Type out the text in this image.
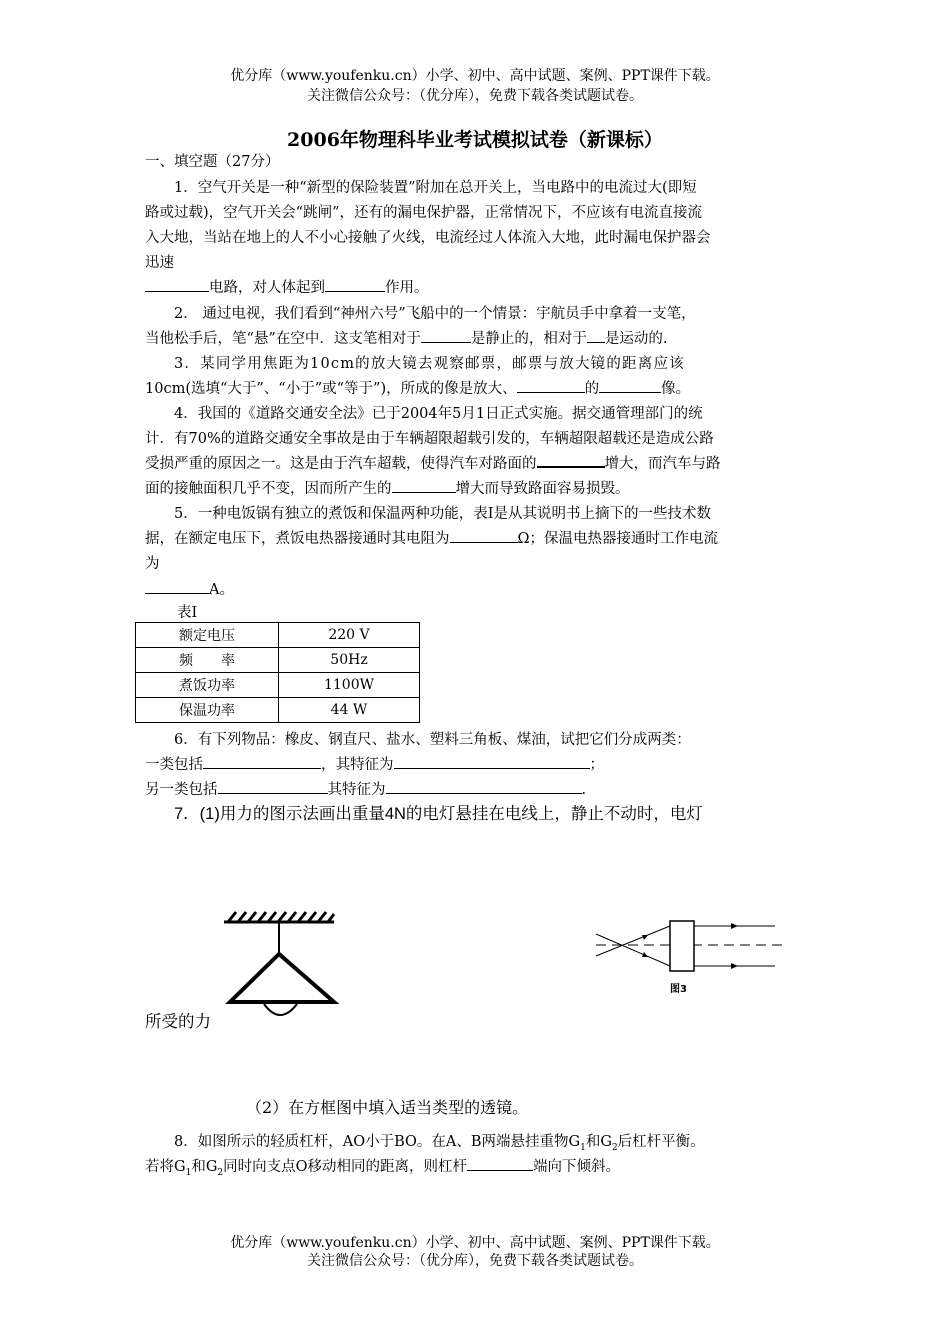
优分库（www.youfenku.cn）小学、初中、高中试题、案例、PPT课件下载。
关注微信公众号：（优分库），免费下载各类试题试卷。
2006年物理科毕业考试模拟试卷（新课标）
一、填空题（27分）
1．空气开关是一种“新型的保险装置”附加在总开关上，当电路中的电流过大(即短
路或过载)，空气开关会“跳闸”，还有的漏电保护器，正常情况下，不应该有电流直接流
入大地，当站在地上的人不小心接触了火线，电流经过人体流入大地，此时漏电保护器会
迅速
电路，对人体起到	作用。
2． 通过电视，我们看到“神州六号”飞船中的一个情景：宇航员手中拿着一支笔，
当他松手后，笔“悬”在空中．这支笔相对于	是静止的，相对于 是运动的.
3．某同学用焦距为10cm的放大镜去观察邮票，邮票与放大镜的距离应该
10cm(选填“大于”、“小于”或“等于”)，所成的像是放大、	的	像。
4．我国的《道路交通安全法》已于2004年5月1日正式实施。据交通管理部门的统
计．有70%的道路交通安全事故是由于车辆超限超载引发的，车辆超限超载还是造成公路
受损严重的原因之一。这是由于汽车超载，使得汽车对路面的	增大，而汽车与路
面的接触面积几乎不变，因而所产生的	增大而导致路面容易损毁。
5．一种电饭锅有独立的煮饭和保温两种功能，表Ⅰ是从其说明书上摘下的一些技术数
据，在额定电压下，煮饭电热器接通时其电阻为	Ω；保温电热器接通时工作电流
为
A。
表Ⅰ
额定电压	220 V
频　　率	50Hz
煮饭功率	1100W
保温功率	44 W
6．有下列物品：橡皮、钢直尺、盐水、塑料三角板、煤油，试把它们分成两类：
一类包括	，其特征为	；
另一类包括	其特征为	.
7．(1)用力的图示法画出重量4N的电灯悬挂在电线上，静止不动时，电灯
图3
所受的力
（2）在方框图中填入适当类型的透镜。
8．如图所示的轻质杠杆，AO小于BO。在A、B两端悬挂重物$G_1$和$G_2$后杠杆平衡。
若将$G_1$和$G_2$同时向支点O移动相同的距离，则杠杆	端向下倾斜。
优分库（www.youfenku.cn）小学、初中、高中试题、案例、PPT课件下载。
关注微信公众号：（优分库），免费下载各类试题试卷。
